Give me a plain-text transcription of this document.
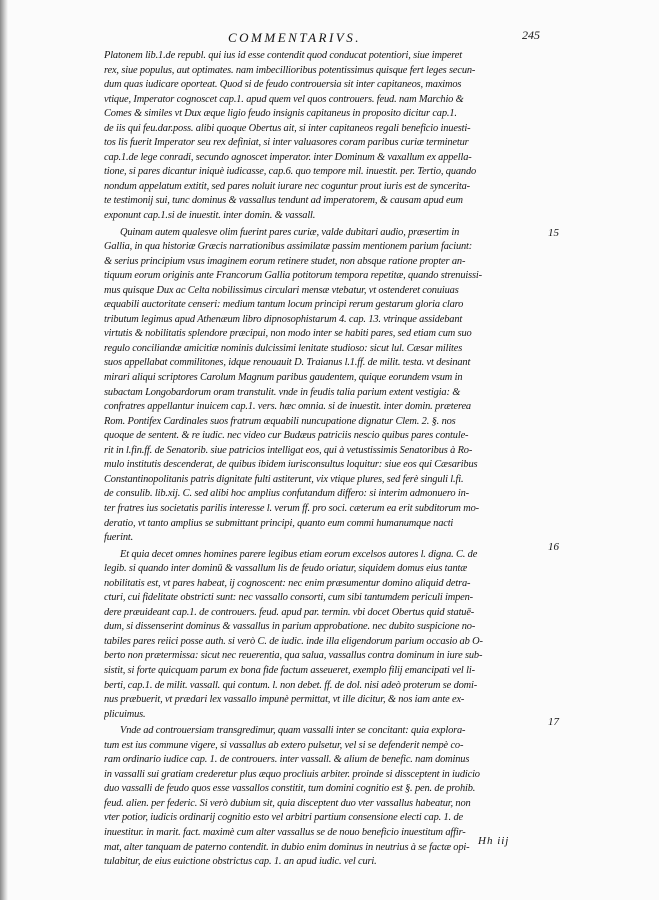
COMMENTARIVS.	245
Platonem lib.1.de republ. qui ius id esse contendit quod conducat potentiori, siue imperet
rex, siue populus, aut optimates. nam imbecillioribus potentissimus quisque fert leges secun-
dum quas iudicare oporteat. Quod si de feudo controuersia sit inter capitaneos, maximos
vtique, Imperator cognoscet cap.1. apud quem vel quos controuers. feud. nam Marchio &
Comes & similes vt Dux æque ligio feudo insignis capitaneus in proposito dicitur cap.1.
de iis qui feu.dar.poss. alibi quoque Obertus ait, si inter capitaneos regali beneficio inuesti-
tos lis fuerit Imperator seu rex definiat, si inter valuasores coram paribus curiæ terminetur
cap.1.de lege conradi, secundo agnoscet imperator. inter Dominum & vaxallum ex appella-
tione, si pares dicantur iniquè iudicasse, cap.6. quo tempore mil. inuestit. per. Tertio, quando
nondum appelatum extitit, sed pares noluit iurare nec coguntur prout iuris est de syncerita-
te testimonij sui, tunc dominus & vassallus tendunt ad imperatorem, & causam apud eum
exponunt cap.1.si de inuestit. inter domin. & vassall.
Quinam autem qualesve olim fuerint pares curiæ, valde dubitari audio, præsertim in
Gallia, in qua historiæ Græcis narrationibus assimilatæ passim mentionem parium faciunt:
& serius principium vsus imaginem eorum retinere studet, non absque ratione propter an-
tiquum eorum originis ante Francorum Gallia potitorum tempora repetitæ, quando strenuissi-
mus quisque Dux ac Celta nobilissimus circulari mensæ vtebatur, vt ostenderet conuiuas
æquabili auctoritate censeri: medium tantum locum principi rerum gestarum gloria claro
tributum legimus apud Athenæum libro dipnosophistarum 4. cap. 13. vtrinque assidebant
virtutis & nobilitatis splendore præcipui, non modo inter se habiti pares, sed etiam cum suo
regulo conciliandæ amicitiæ nominis dulcissimi lenitate studioso: sicut lul. Cæsar milites
suos appellabat commilitones, idque renouauit D. Traianus l.1.ff. de milit. testa. vt desinant
mirari aliqui scriptores Carolum Magnum paribus gaudentem, quique eorundem vsum in
subactam Longobardorum oram transtulit. vnde in feudis talia parium extent vestigia: &
confratres appellantur inuicem cap.1. vers. hæc omnia. si de inuestit. inter domin. præterea
Rom. Pontifex Cardinales suos fratrum æquabili nuncupatione dignatur Clem. 2. §. nos
quoque de sentent. & re iudic. nec video cur Budæus patriciis nescio quibus pares contule-
rit in l.fin.ff. de Senatorib. siue patricios intelligat eos, qui à vetustissimis Senatoribus à Ro-
mulo institutis descenderat, de quibus ibidem iurisconsultus loquitur: siue eos qui Cæsaribus
Constantinopolitanis patris dignitate fulti astiterunt, vix vtique plures, sed ferè singuli l.fi.
de consulib. lib.xij. C. sed alibi hoc amplius confutandum differo: si interim admonuero in-
ter fratres ius societatis parilis interesse l. verum ff. pro soci. cæterum ea erit subditorum mo-
deratio, vt tanto amplius se submittant principi, quanto eum commi humanumque nacti
fuerint.
Et quia decet omnes homines parere legibus etiam eorum excelsos autores l. digna. C. de
legib. si quando inter dominū & vassallum lis de feudo oriatur, siquidem domus eius tantæ
nobilitatis est, vt pares habeat, ij cognoscent: nec enim præsumentur domino aliquid detra-
cturi, cui fidelitate obstricti sunt: nec vassallo consorti, cum sibi tantumdem periculi impen-
dere præuideant cap.1. de controuers. feud. apud par. termin. vbi docet Obertus quid statuē-
dum, si dissenserint dominus & vassallus in parium approbatione. nec dubito suspicione no-
tabiles pares reiici posse auth. si verò C. de iudic. inde illa eligendorum parium occasio ab O-
berto non prætermissa: sicut nec reuerentia, qua salua, vassallus contra dominum in iure sub-
sistit, si forte quicquam parum ex bona fide factum asseueret, exemplo filij emancipati vel li-
berti, cap.1. de milit. vassall. qui contum. l. non debet. ff. de dol. nisi adeò proterum se domi-
nus præbuerit, vt prædari lex vassallo impunè permittat, vt ille dicitur, & nos iam ante ex-
plicuimus.
Vnde ad controuersiam transgredimur, quam vassalli inter se concitant: quia explora-
tum est ius commune vigere, si vassallus ab extero pulsetur, vel si se defenderit nempè co-
ram ordinario iudice cap. 1. de controuers. inter vassall. & alium de benefic. nam dominus
in vassalli sui gratiam crederetur plus æquo procliuis arbiter. proinde si dissceptent in iudicio
duo vassalli de feudo quos esse vassallos constitit, tum domini cognitio est §. pen. de prohib.
feud. alien. per federic. Si verò dubium sit, quia disceptent duo vter vassallus habeatur, non
vter potior, iudicis ordinarij cognitio esto vel arbitri partium consensione electi cap. 1. de
inuestitur. in marit. fact. maximè cum alter vassallus se de nouo beneficio inuestitum affir-
mat, alter tanquam de paterno contendit. in dubio enim dominus in neutrius à se factæ opi-
tulabitur, de eius euictione obstrictus cap. 1. an apud iudic. vel curi.
15
16
17
Hh iij
